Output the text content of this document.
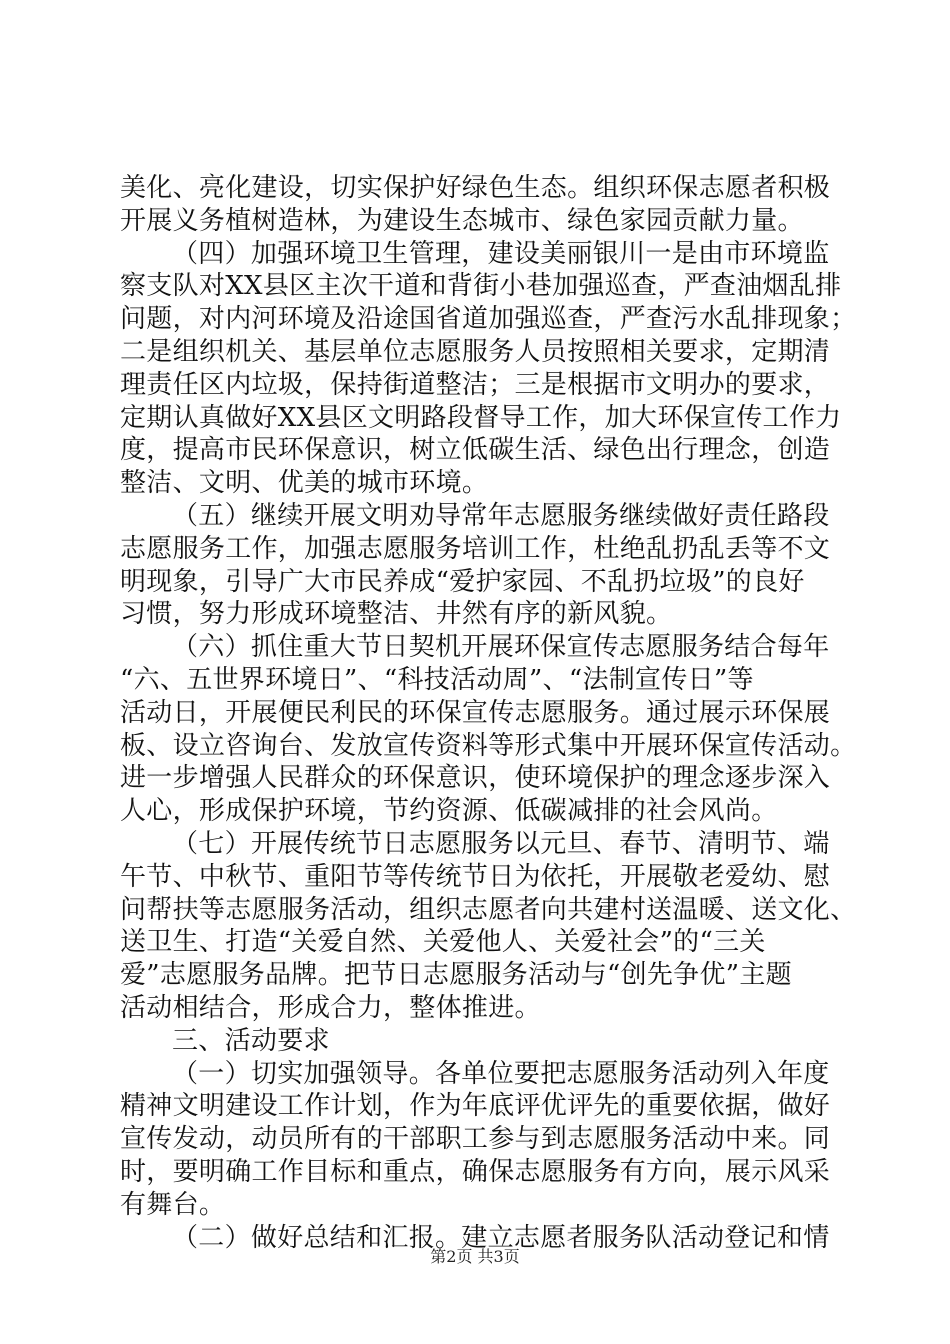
美化、亮化建设，切实保护好绿色生态。组织环保志愿者积极
开展义务植树造林，为建设生态城市、绿色家园贡献力量。
（四）加强环境卫生管理，建设美丽银川一是由市环境监
察支队对XX县区主次干道和背街小巷加强巡查，严查油烟乱排
问题，对内河环境及沿途国省道加强巡查，严查污水乱排现象；
二是组织机关、基层单位志愿服务人员按照相关要求，定期清
理责任区内垃圾，保持街道整洁；三是根据市文明办的要求，
定期认真做好XX县区文明路段督导工作，加大环保宣传工作力
度，提高市民环保意识，树立低碳生活、绿色出行理念，创造
整洁、文明、优美的城市环境。
（五）继续开展文明劝导常年志愿服务继续做好责任路段
志愿服务工作，加强志愿服务培训工作，杜绝乱扔乱丢等不文
明现象，引导广大市民养成“爱护家园、不乱扔垃圾”的良好
习惯，努力形成环境整洁、井然有序的新风貌。
（六）抓住重大节日契机开展环保宣传志愿服务结合每年
“六、五世界环境日”、“科技活动周”、“法制宣传日”等
活动日，开展便民利民的环保宣传志愿服务。通过展示环保展
板、设立咨询台、发放宣传资料等形式集中开展环保宣传活动。
进一步增强人民群众的环保意识，使环境保护的理念逐步深入
人心，形成保护环境，节约资源、低碳减排的社会风尚。
（七）开展传统节日志愿服务以元旦、春节、清明节、端
午节、中秋节、重阳节等传统节日为依托，开展敬老爱幼、慰
问帮扶等志愿服务活动，组织志愿者向共建村送温暖、送文化、
送卫生、打造“关爱自然、关爱他人、关爱社会”的“三关
爱”志愿服务品牌。把节日志愿服务活动与“创先争优”主题
活动相结合，形成合力，整体推进。
三、活动要求
（一）切实加强领导。各单位要把志愿服务活动列入年度
精神文明建设工作计划，作为年底评优评先的重要依据，做好
宣传发动，动员所有的干部职工参与到志愿服务活动中来。同
时，要明确工作目标和重点，确保志愿服务有方向，展示风采
有舞台。
（二）做好总结和汇报。建立志愿者服务队活动登记和情
第2页 共3页
